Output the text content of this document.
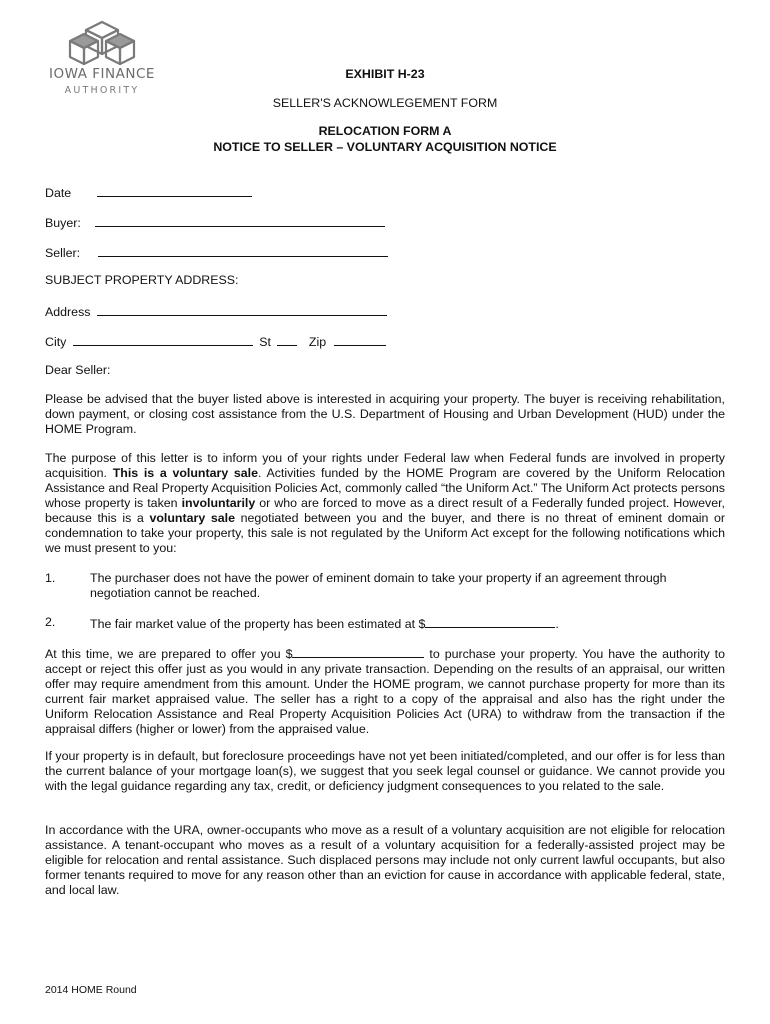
IOWA FINANCE
AUTHORITY
EXHIBIT H-23
SELLER'S ACKNOWLEGEMENT FORM
RELOCATION FORM A
NOTICE TO SELLER – VOLUNTARY ACQUISITION NOTICE
Date
Buyer:
Seller:
SUBJECT PROPERTY ADDRESS:
Address
City	St	Zip
Dear Seller:
Please be advised that the buyer listed above is interested in acquiring your property. The buyer is receiving rehabilitation, down payment, or closing cost assistance from the U.S. Department of Housing and Urban Development (HUD) under the HOME Program.
The purpose of this letter is to inform you of your rights under Federal law when Federal funds are involved in property acquisition. This is a voluntary sale. Activities funded by the HOME Program are covered by the Uniform Relocation Assistance and Real Property Acquisition Policies Act, commonly called “the Uniform Act.” The Uniform Act protects persons whose property is taken involuntarily or who are forced to move as a direct result of a Federally funded project. However, because this is a voluntary sale negotiated between you and the buyer, and there is no threat of eminent domain or condemnation to take your property, this sale is not regulated by the Uniform Act except for the following notifications which we must present to you:
1.	The purchaser does not have the power of eminent domain to take your property if an agreement through negotiation cannot be reached.
2.	The fair market value of the property has been estimated at $	.
At this time, we are prepared to offer you $	to purchase your property. You have the authority to accept or reject this offer just as you would in any private transaction. Depending on the results of an appraisal, our written offer may require amendment from this amount. Under the HOME program, we cannot purchase property for more than its current fair market appraised value. The seller has a right to a copy of the appraisal and also has the right under the Uniform Relocation Assistance and Real Property Acquisition Policies Act (URA) to withdraw from the transaction if the appraisal differs (higher or lower) from the appraised value.
If your property is in default, but foreclosure proceedings have not yet been initiated/completed, and our offer is for less than the current balance of your mortgage loan(s), we suggest that you seek legal counsel or guidance. We cannot provide you with the legal guidance regarding any tax, credit, or deficiency judgment consequences to you related to the sale.
In accordance with the URA, owner-occupants who move as a result of a voluntary acquisition are not eligible for relocation assistance. A tenant-occupant who moves as a result of a voluntary acquisition for a federally-assisted project may be eligible for relocation and rental assistance. Such displaced persons may include not only current lawful occupants, but also former tenants required to move for any reason other than an eviction for cause in accordance with applicable federal, state, and local law.
2014 HOME Round
